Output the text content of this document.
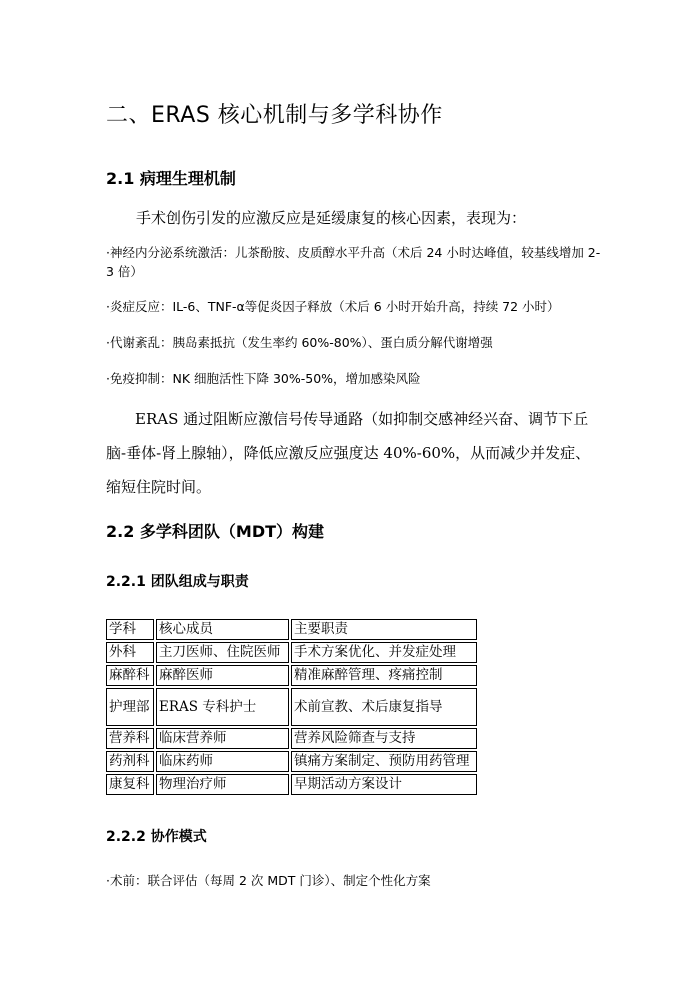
二、ERAS 核心机制与多学科协作
2.1 病理生理机制
手术创伤引发的应激反应是延缓康复的核心因素，表现为：
·神经内分泌系统激活：儿茶酚胺、皮质醇水平升高（术后 24 小时达峰值，较基线增加 2-3 倍）
·炎症反应：IL-6、TNF-α等促炎因子释放（术后 6 小时开始升高，持续 72 小时）
·代谢紊乱：胰岛素抵抗（发生率约 60%-80%）、蛋白质分解代谢增强
·免疫抑制：NK 细胞活性下降 30%-50%，增加感染风险
ERAS 通过阻断应激信号传导通路（如抑制交感神经兴奋、调节下丘脑-垂体-肾上腺轴），降低应激反应强度达 40%-60%，从而减少并发症、缩短住院时间。
2.2 多学科团队（MDT）构建
2.2.1 团队组成与职责
学科	核心成员	主要职责
外科	主刀医师、住院医师	手术方案优化、并发症处理
麻醉科	麻醉医师	精准麻醉管理、疼痛控制
护理部	ERAS 专科护士	术前宣教、术后康复指导
营养科	临床营养师	营养风险筛查与支持
药剂科	临床药师	镇痛方案制定、预防用药管理
康复科	物理治疗师	早期活动方案设计
2.2.2 协作模式
·术前：联合评估（每周 2 次 MDT 门诊）、制定个性化方案
